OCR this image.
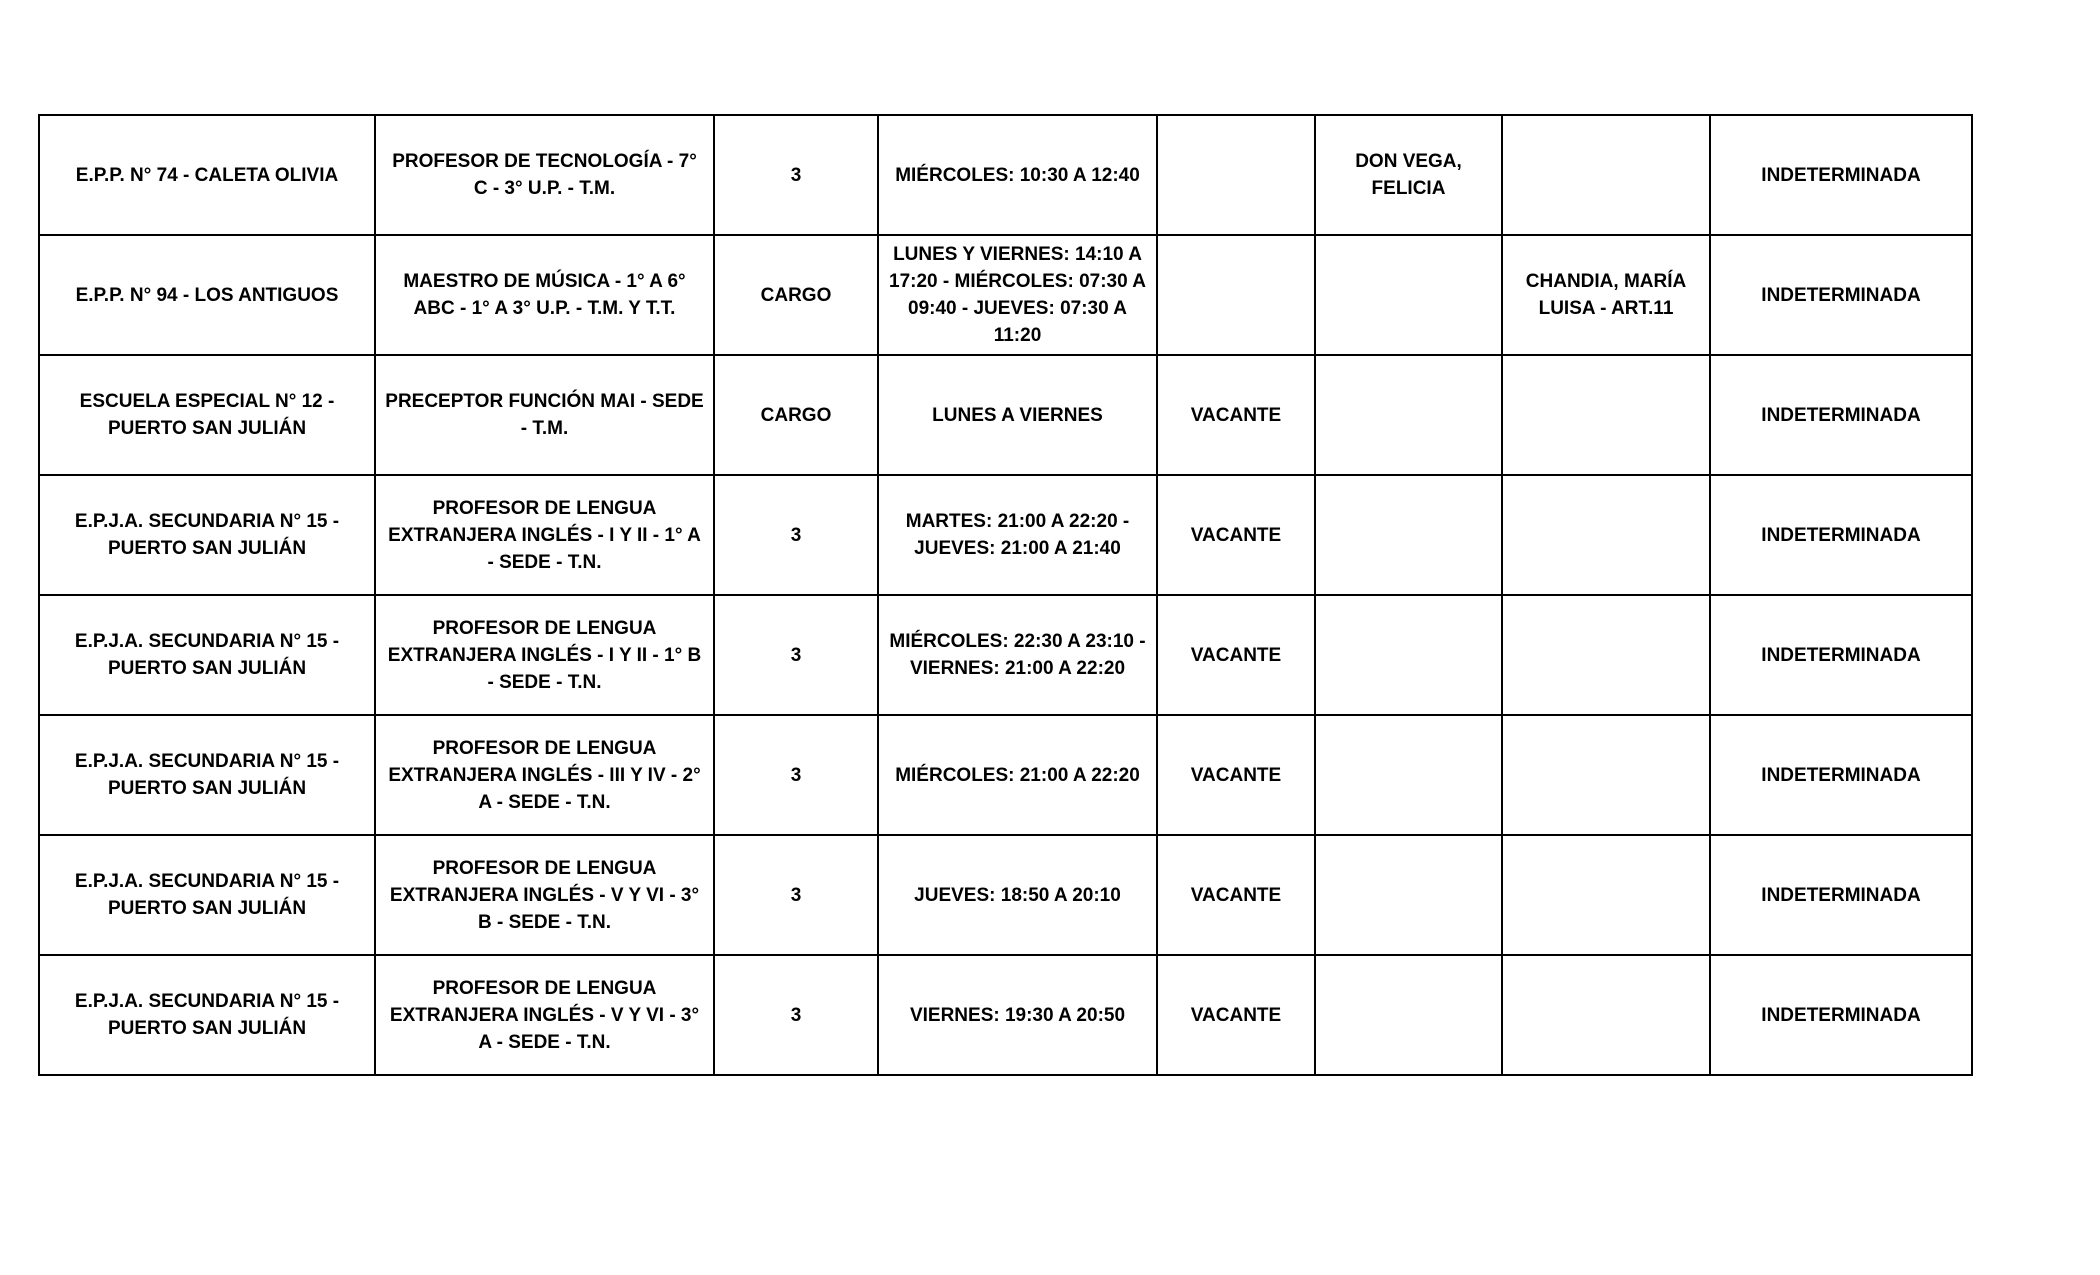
E.P.P. N° 74 - CALETA OLIVIA	PROFESOR DE TECNOLOGÍA - 7° C - 3° U.P. - T.M.	3	MIÉRCOLES: 10:30 A 12:40		DON VEGA, FELICIA		INDETERMINADA
E.P.P. N° 94 - LOS ANTIGUOS	MAESTRO DE MÚSICA - 1° A 6° ABC - 1° A 3° U.P. - T.M. Y T.T.	CARGO	LUNES Y VIERNES: 14:10 A 17:20 - MIÉRCOLES: 07:30 A 09:40 - JUEVES: 07:30 A 11:20			CHANDIA, MARÍA LUISA - ART.11	INDETERMINADA
ESCUELA ESPECIAL N° 12 - PUERTO SAN JULIÁN	PRECEPTOR FUNCIÓN MAI - SEDE - T.M.	CARGO	LUNES A VIERNES	VACANTE			INDETERMINADA
E.P.J.A. SECUNDARIA N° 15 - PUERTO SAN JULIÁN	PROFESOR DE LENGUA EXTRANJERA INGLÉS - I Y II - 1° A - SEDE - T.N.	3	MARTES: 21:00 A 22:20 - JUEVES: 21:00 A 21:40	VACANTE			INDETERMINADA
E.P.J.A. SECUNDARIA N° 15 - PUERTO SAN JULIÁN	PROFESOR DE LENGUA EXTRANJERA INGLÉS - I Y II - 1° B - SEDE - T.N.	3	MIÉRCOLES: 22:30 A 23:10 - VIERNES: 21:00 A 22:20	VACANTE			INDETERMINADA
E.P.J.A. SECUNDARIA N° 15 - PUERTO SAN JULIÁN	PROFESOR DE LENGUA EXTRANJERA INGLÉS - III Y IV - 2° A - SEDE - T.N.	3	MIÉRCOLES: 21:00 A 22:20	VACANTE			INDETERMINADA
E.P.J.A. SECUNDARIA N° 15 - PUERTO SAN JULIÁN	PROFESOR DE LENGUA EXTRANJERA INGLÉS - V Y VI - 3° B - SEDE - T.N.	3	JUEVES: 18:50 A 20:10	VACANTE			INDETERMINADA
E.P.J.A. SECUNDARIA N° 15 - PUERTO SAN JULIÁN	PROFESOR DE LENGUA EXTRANJERA INGLÉS - V Y VI - 3° A - SEDE - T.N.	3	VIERNES: 19:30 A 20:50	VACANTE			INDETERMINADA
